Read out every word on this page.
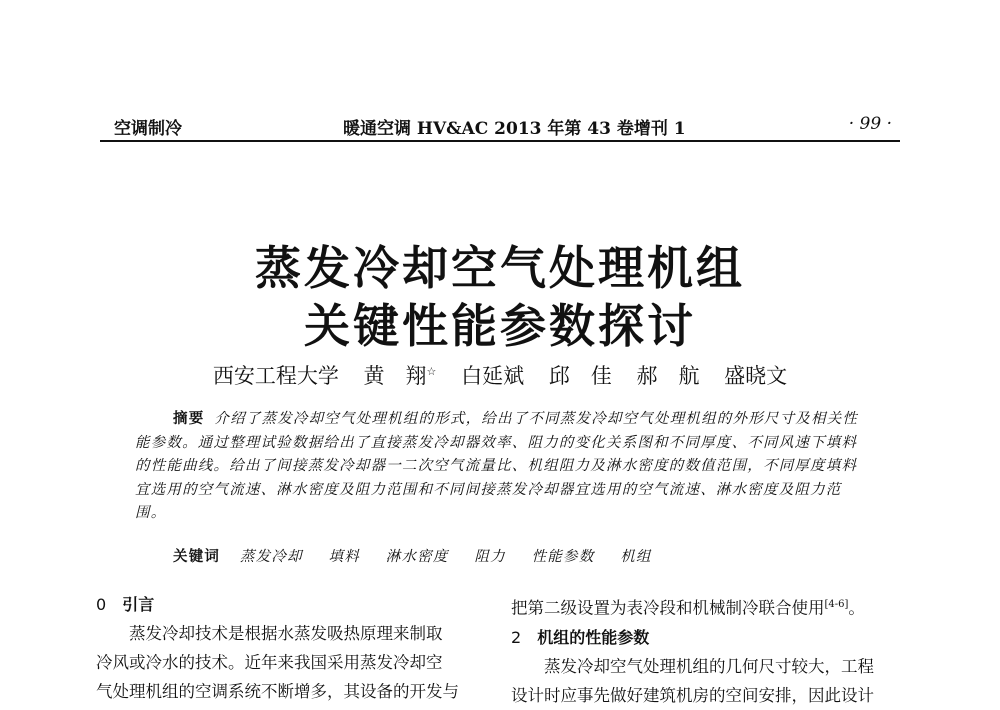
空调制冷	暖通空调 HV&AC 2013 年第 43 卷增刊 1	· 99 ·
蒸发冷却空气处理机组
关键性能参数探讨
西安工程大学 黄　翔☆ 白延斌 邱　佳 郝　航 盛晓文
摘要 介绍了蒸发冷却空气处理机组的形式，给出了不同蒸发冷却空气处理机组的外形尺寸及相关性能参数。通过整理试验数据给出了直接蒸发冷却器效率、阻力的变化关系图和不同厚度、不同风速下填料的性能曲线。给出了间接蒸发冷却器一二次空气流量比、机组阻力及淋水密度的数值范围，不同厚度填料宜选用的空气流速、淋水密度及阻力范围和不同间接蒸发冷却器宜选用的空气流速、淋水密度及阻力范围。
关键词 蒸发冷却 填料 淋水密度 阻力 性能参数 机组
0 引言

蒸发冷却技术是根据水蒸发吸热原理来制取

冷风或冷水的技术。近年来我国采用蒸发冷却空

气处理机组的空调系统不断增多，其设备的开发与

把第二级设置为表冷段和机械制冷联合使用[4-6]。

2 机组的性能参数

蒸发冷却空气处理机组的几何尺寸较大，工程

设计时应事先做好建筑机房的空间安排，因此设计
